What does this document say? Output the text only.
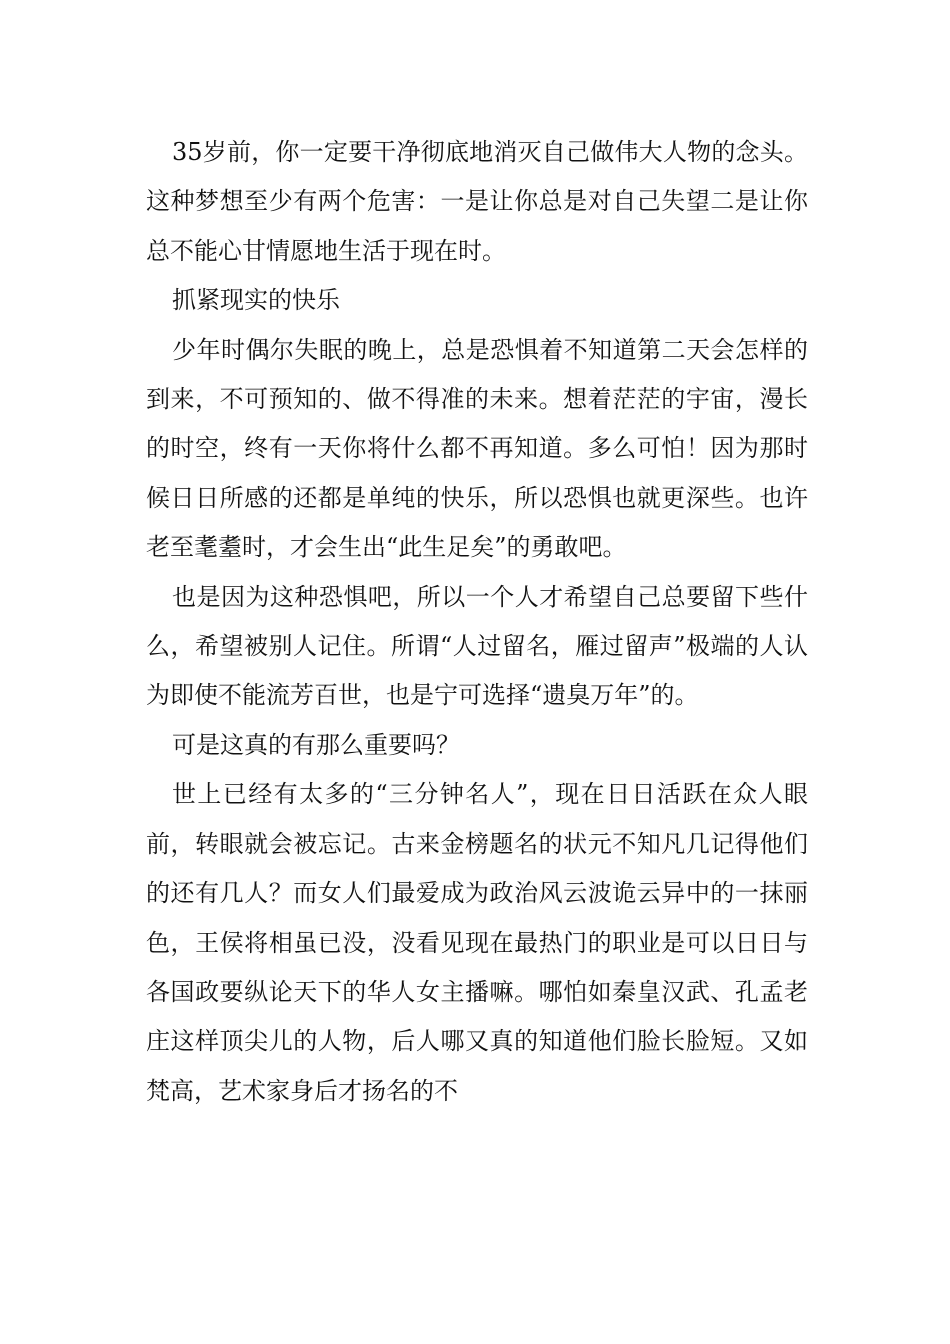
35岁前，你一定要干净彻底地消灭自己做伟大人物的念头。这种梦想至少有两个危害：一是让你总是对自己失望二是让你总不能心甘情愿地生活于现在时。

抓紧现实的快乐

少年时偶尔失眠的晚上，总是恐惧着不知道第二天会怎样的到来，不可预知的、做不得准的未来。想着茫茫的宇宙，漫长的时空，终有一天你将什么都不再知道。多么可怕！因为那时候日日所感的还都是单纯的快乐，所以恐惧也就更深些。也许老至耄耋时，才会生出“此生足矣”的勇敢吧。

也是因为这种恐惧吧，所以一个人才希望自己总要留下些什么，希望被别人记住。所谓“人过留名，雁过留声”极端的人认为即使不能流芳百世，也是宁可选择“遗臭万年”的。

可是这真的有那么重要吗？

世上已经有太多的“三分钟名人”，现在日日活跃在众人眼前，转眼就会被忘记。古来金榜题名的状元不知凡几记得他们的还有几人？而女人们最爱成为政治风云波诡云异中的一抹丽色，王侯将相虽已没，没看见现在最热门的职业是可以日日与各国政要纵论天下的华人女主播嘛。哪怕如秦皇汉武、孔孟老庄这样顶尖儿的人物，后人哪又真的知道他们脸长脸短。又如梵高，艺术家身后才扬名的不
